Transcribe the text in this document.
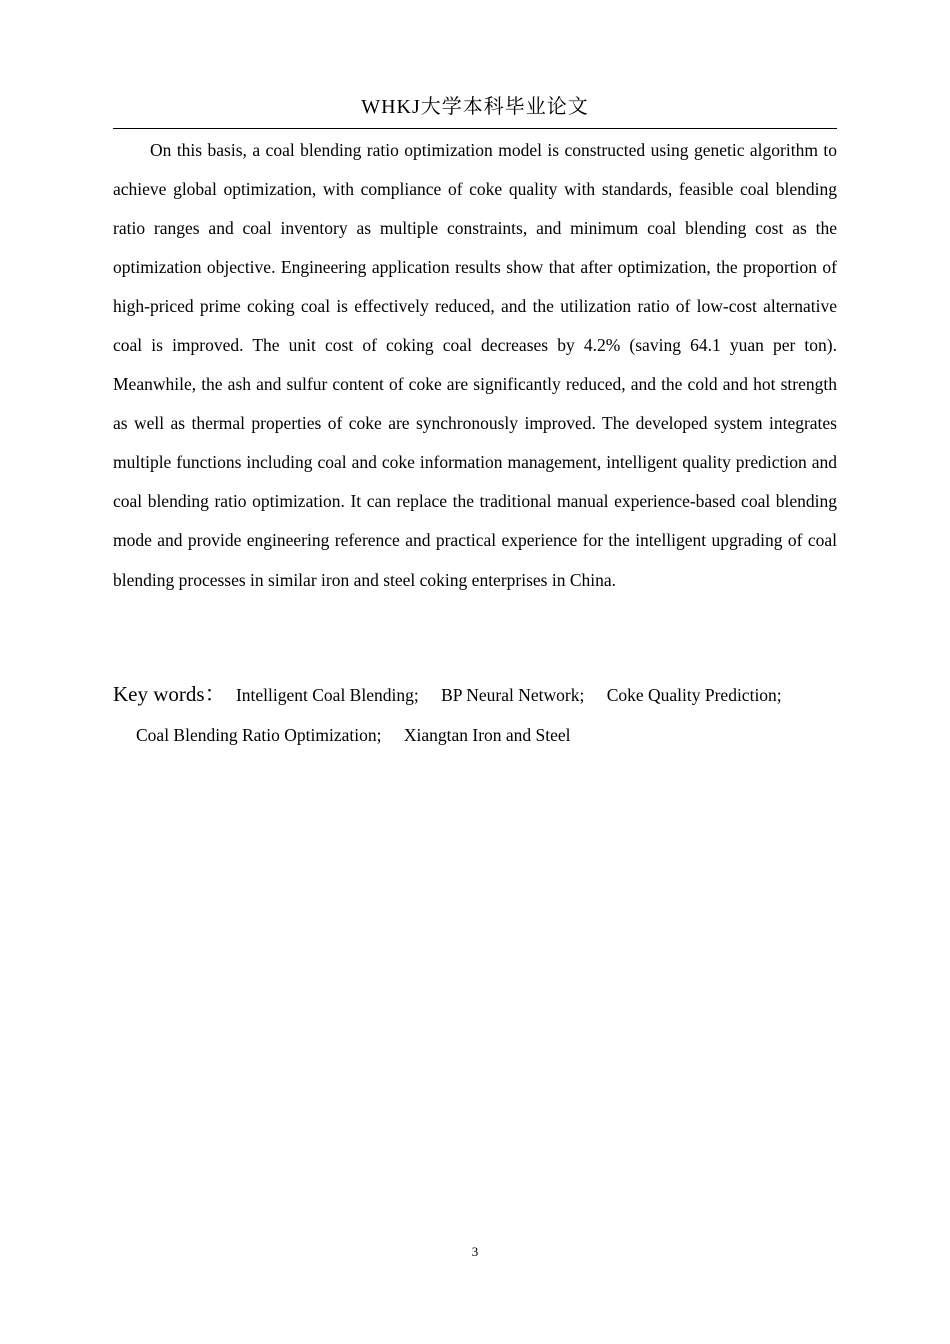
WHKJ大学本科毕业论文

On this basis, a coal blending ratio optimization model is constructed using genetic algorithm to achieve global optimization, with compliance of coke quality with standards, feasible coal blending ratio ranges and coal inventory as multiple constraints, and minimum coal blending cost as the optimization objective. Engineering application results show that after optimization, the proportion of high-priced prime coking coal is effectively reduced, and the utilization ratio of low-cost alternative coal is improved. The unit cost of coking coal decreases by 4.2% (saving 64.1 yuan per ton). Meanwhile, the ash and sulfur content of coke are significantly reduced, and the cold and hot strength as well as thermal properties of coke are synchronously improved. The developed system integrates multiple functions including coal and coke information management, intelligent quality prediction and coal blending ratio optimization. It can replace the traditional manual experience-based coal blending mode and provide engineering reference and practical experience for the intelligent upgrading of coal blending processes in similar iron and steel coking enterprises in China.

Key words： Intelligent Coal Blending; BP Neural Network; Coke Quality Prediction;
Coal Blending Ratio Optimization; Xiangtan Iron and Steel
3
